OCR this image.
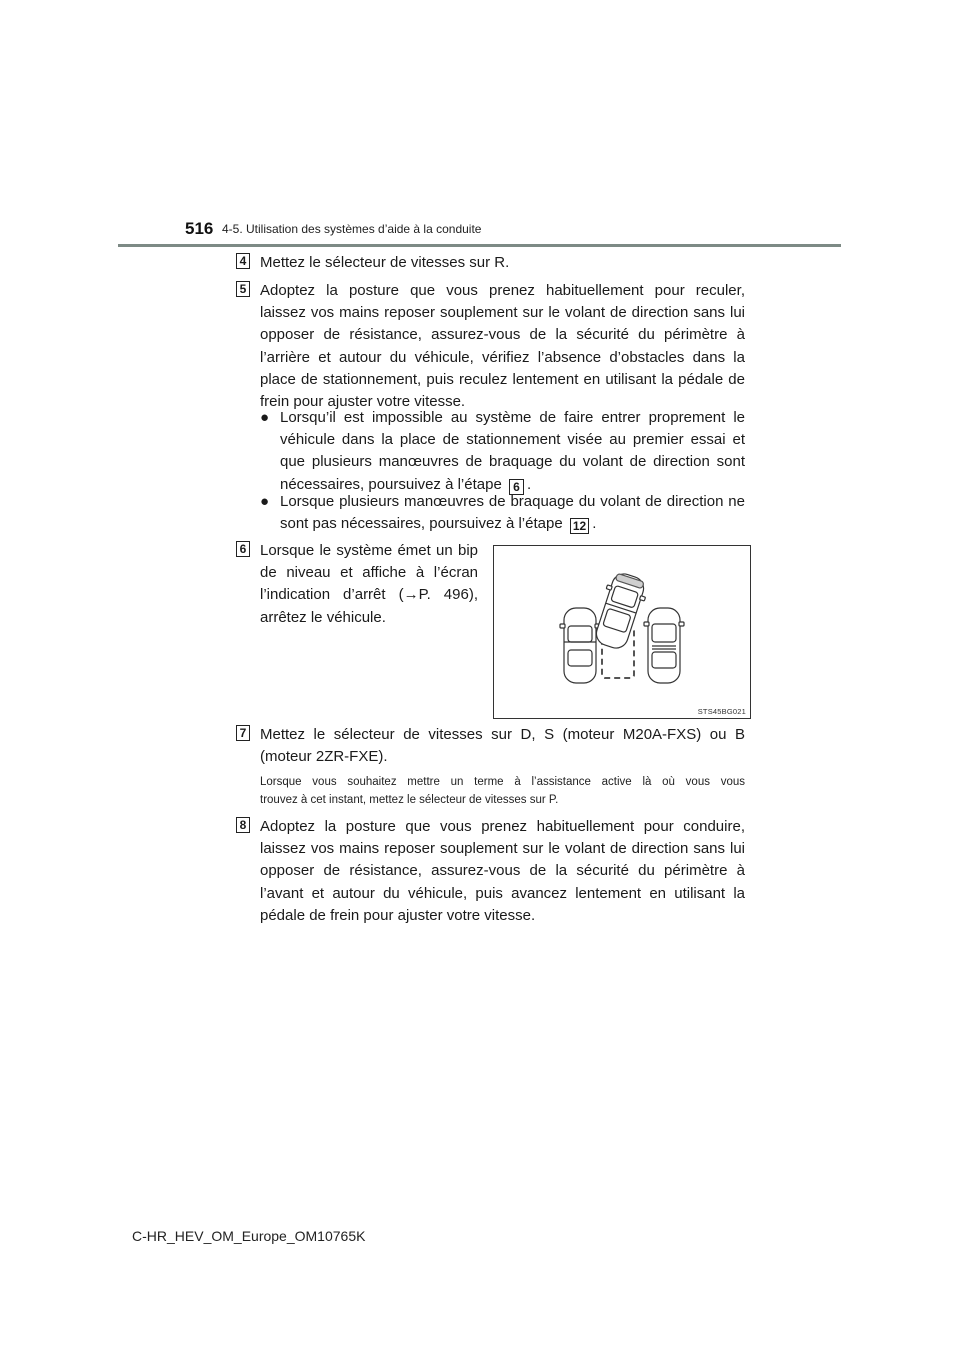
516 4-5. Utilisation des systèmes d’aide à la conduite
4 Mettez le sélecteur de vitesses sur R.
5 Adoptez la posture que vous prenez habituellement pour reculer,
laissez vos mains reposer souplement sur le volant de direction sans lui
opposer de résistance, assurez-vous de la sécurité du périmètre à
l’arrière et autour du véhicule, vérifiez l’absence d’obstacles dans la
place de stationnement, puis reculez lentement en utilisant la pédale de
frein pour ajuster votre vitesse.
● Lorsqu’il est impossible au système de faire entrer proprement le
véhicule dans la place de stationnement visée au premier essai et
que plusieurs manœuvres de braquage du volant de direction sont
nécessaires, poursuivez à l’étape 6 .
● Lorsque plusieurs manœuvres de braquage du volant de direction ne
sont pas nécessaires, poursuivez à l’étape 12 .
6 Lorsque le système émet un bip
de niveau et affiche à l’écran
l’indication d’arrêt (→P. 496),
arrêtez le véhicule.
STS45BG021
7 Mettez le sélecteur de vitesses sur D, S (moteur M20A-FXS) ou B
(moteur 2ZR-FXE).
Lorsque vous souhaitez mettre un terme à l’assistance active là où vous vous
trouvez à cet instant, mettez le sélecteur de vitesses sur P.
8 Adoptez la posture que vous prenez habituellement pour conduire,
laissez vos mains reposer souplement sur le volant de direction sans lui
opposer de résistance, assurez-vous de la sécurité du périmètre à
l’avant et autour du véhicule, puis avancez lentement en utilisant la
pédale de frein pour ajuster votre vitesse.
C-HR_HEV_OM_Europe_OM10765K
